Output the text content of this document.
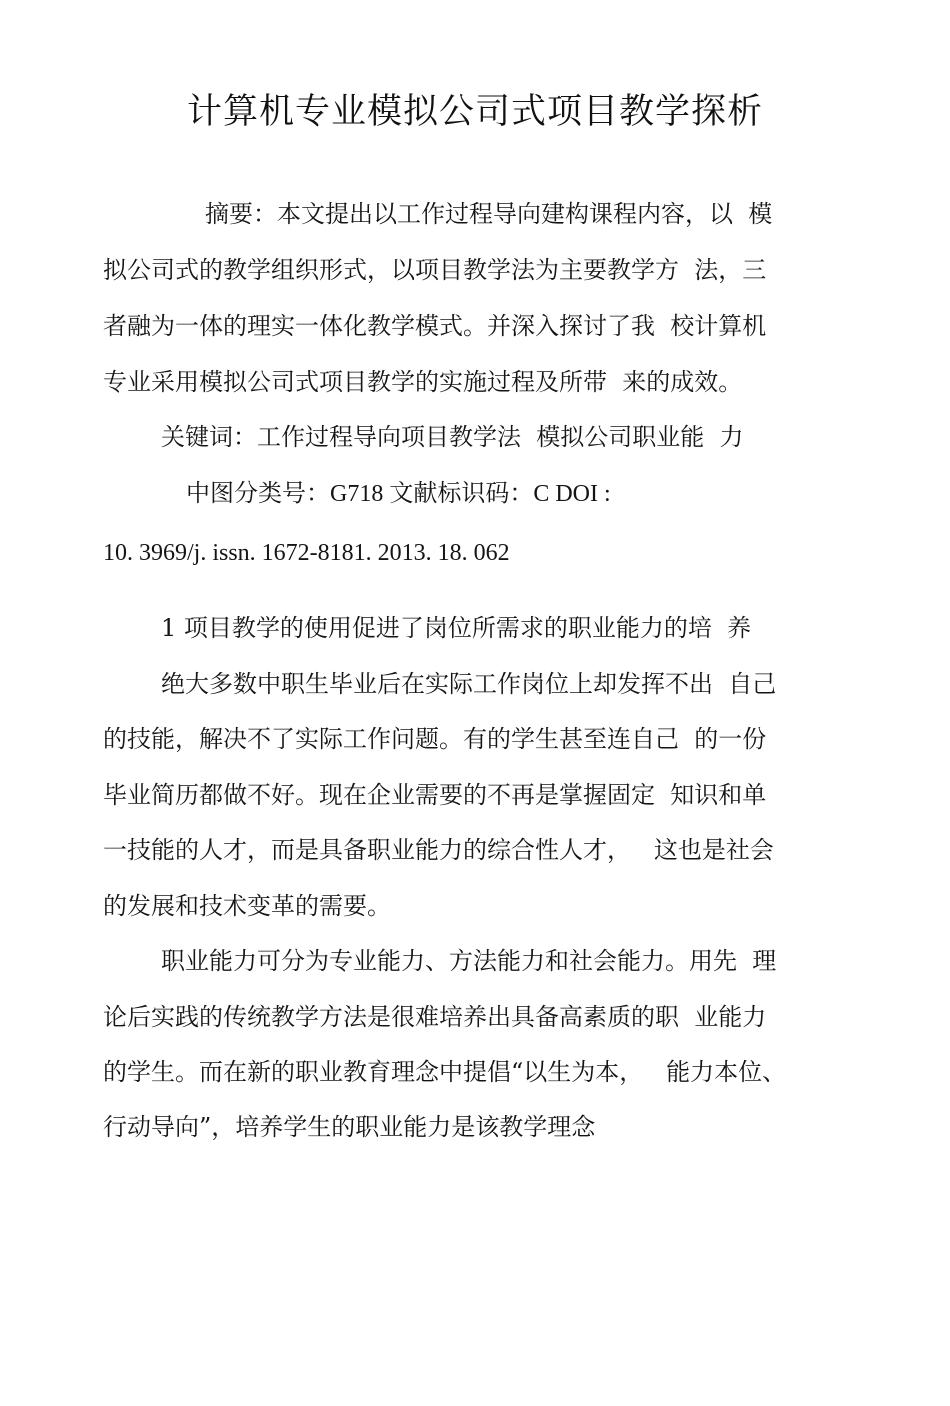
计算机专业模拟公司式项目教学探析
摘要：本文提出以工作过程导向建构课程内容，以  模
拟公司式的教学组织形式，以项目教学法为主要教学方  法，三
者融为一体的理实一体化教学模式。并深入探讨了我  校计算机
专业采用模拟公司式项目教学的实施过程及所带  来的成效。
关键词：工作过程导向项目教学法  模拟公司职业能  力
中图分类号：G718 文献标识码：C DOI :
10. 3969/j. issn. 1672-8181. 2013. 18. 062
1 项目教学的使用促进了岗位所需求的职业能力的培  养
绝大多数中职生毕业后在实际工作岗位上却发挥不出  自己
的技能，解决不了实际工作问题。有的学生甚至连自己  的一份
毕业简历都做不好。现在企业需要的不再是掌握固定  知识和单
一技能的人才，而是具备职业能力的综合性人才，   这也是社会
的发展和技术变革的需要。
职业能力可分为专业能力、方法能力和社会能力。用先  理
论后实践的传统教学方法是很难培养出具备高素质的职  业能力
的学生。而在新的职业教育理念中提倡“以生为本，   能力本位、
行动导向”，培养学生的职业能力是该教学理念
